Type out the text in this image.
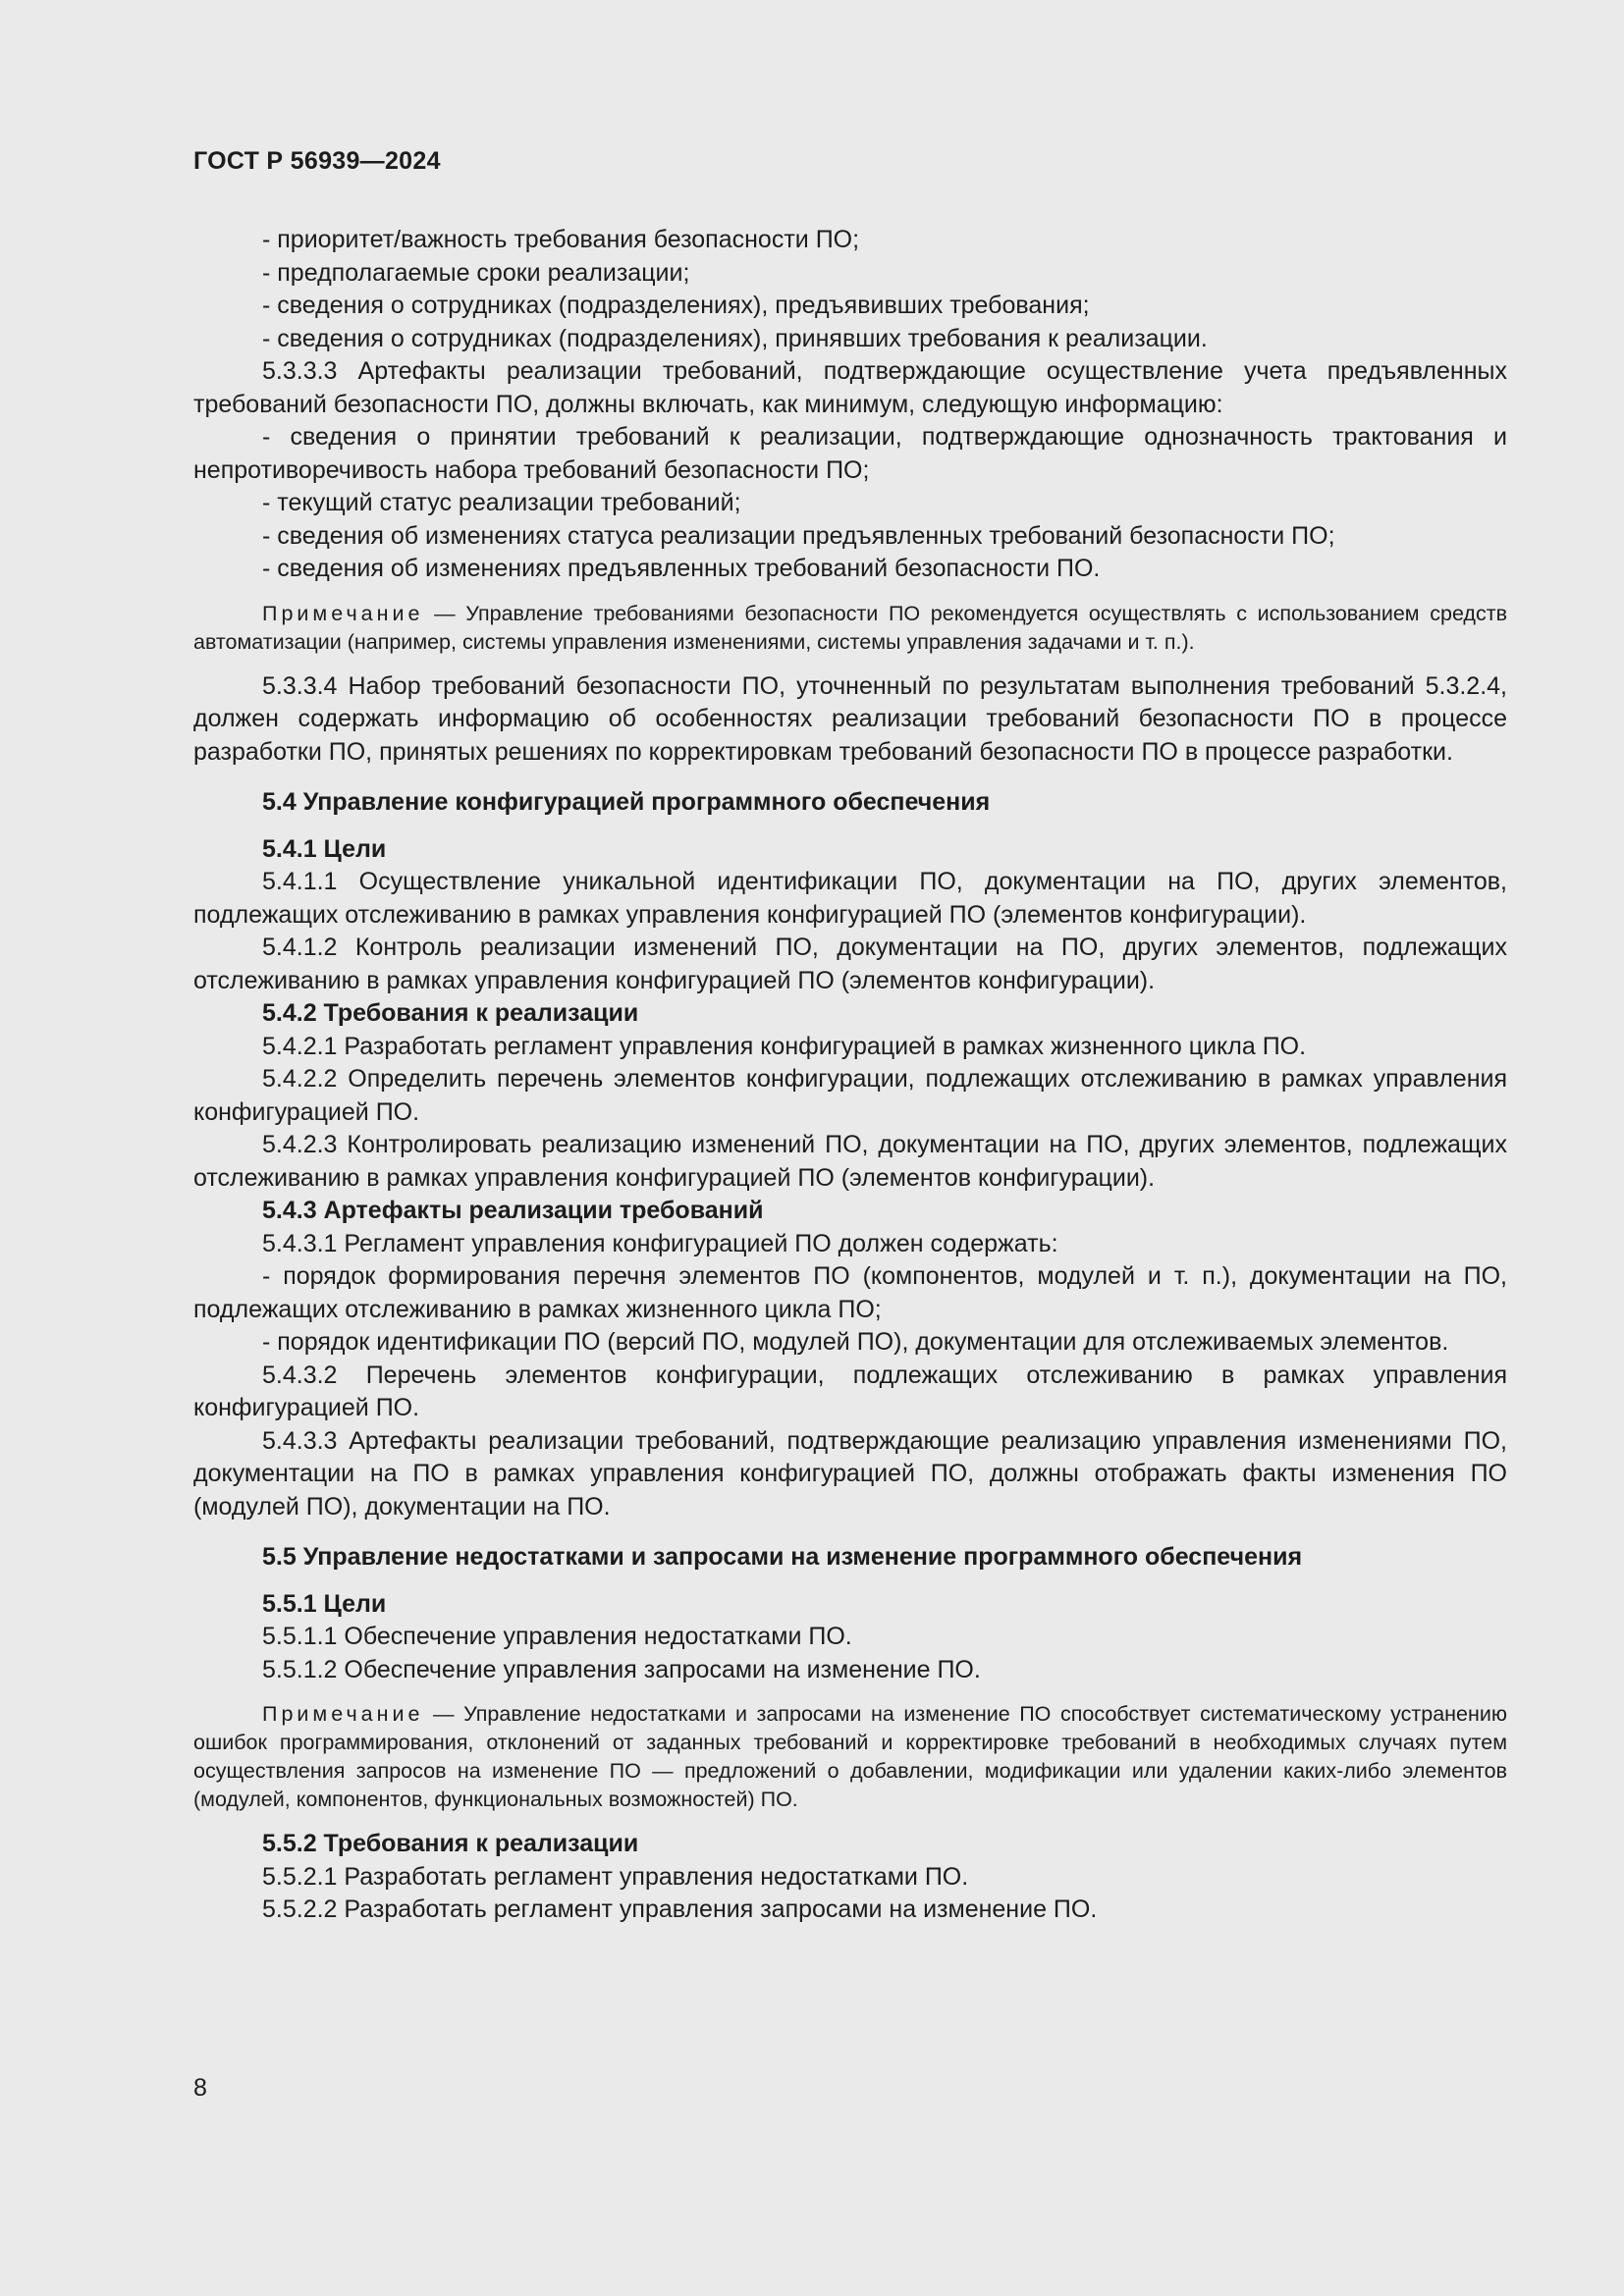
ГОСТ Р 56939—2024

- приоритет/важность требования безопасности ПО;

- предполагаемые сроки реализации;

- сведения о сотрудниках (подразделениях), предъявивших требования;

- сведения о сотрудниках (подразделениях), принявших требования к реализации.

5.3.3.3 Артефакты реализации требований, подтверждающие осуществление учета предъявленных требований безопасности ПО, должны включать, как минимум, следующую информацию:

- сведения о принятии требований к реализации, подтверждающие однозначность трактования и непротиворечивость набора требований безопасности ПО;

- текущий статус реализации требований;

- сведения об изменениях статуса реализации предъявленных требований безопасности ПО;

- сведения об изменениях предъявленных требований безопасности ПО.

Примечание — Управление требованиями безопасности ПО рекомендуется осуществлять с использованием средств автоматизации (например, системы управления изменениями, системы управления задачами и т. п.).

5.3.3.4 Набор требований безопасности ПО, уточненный по результатам выполнения требований 5.3.2.4, должен содержать информацию об особенностях реализации требований безопасности ПО в процессе разработки ПО, принятых решениях по корректировкам требований безопасности ПО в процессе разработки.

5.4 Управление конфигурацией программного обеспечения

5.4.1 Цели

5.4.1.1 Осуществление уникальной идентификации ПО, документации на ПО, других элементов, подлежащих отслеживанию в рамках управления конфигурацией ПО (элементов конфигурации).

5.4.1.2 Контроль реализации изменений ПО, документации на ПО, других элементов, подлежащих отслеживанию в рамках управления конфигурацией ПО (элементов конфигурации).

5.4.2 Требования к реализации

5.4.2.1 Разработать регламент управления конфигурацией в рамках жизненного цикла ПО.

5.4.2.2 Определить перечень элементов конфигурации, подлежащих отслеживанию в рамках управления конфигурацией ПО.

5.4.2.3 Контролировать реализацию изменений ПО, документации на ПО, других элементов, подлежащих отслеживанию в рамках управления конфигурацией ПО (элементов конфигурации).

5.4.3 Артефакты реализации требований

5.4.3.1 Регламент управления конфигурацией ПО должен содержать:

- порядок формирования перечня элементов ПО (компонентов, модулей и т. п.), документации на ПО, подлежащих отслеживанию в рамках жизненного цикла ПО;

- порядок идентификации ПО (версий ПО, модулей ПО), документации для отслеживаемых элементов.

5.4.3.2 Перечень элементов конфигурации, подлежащих отслеживанию в рамках управления конфигурацией ПО.

5.4.3.3 Артефакты реализации требований, подтверждающие реализацию управления изменениями ПО, документации на ПО в рамках управления конфигурацией ПО, должны отображать факты изменения ПО (модулей ПО), документации на ПО.

5.5 Управление недостатками и запросами на изменение программного обеспечения

5.5.1 Цели

5.5.1.1 Обеспечение управления недостатками ПО.

5.5.1.2 Обеспечение управления запросами на изменение ПО.

Примечание — Управление недостатками и запросами на изменение ПО способствует систематическому устранению ошибок программирования, отклонений от заданных требований и корректировке требований в необходимых случаях путем осуществления запросов на изменение ПО — предложений о добавлении, модификации или удалении каких-либо элементов (модулей, компонентов, функциональных возможностей) ПО.

5.5.2 Требования к реализации

5.5.2.1 Разработать регламент управления недостатками ПО.

5.5.2.2 Разработать регламент управления запросами на изменение ПО.

8
